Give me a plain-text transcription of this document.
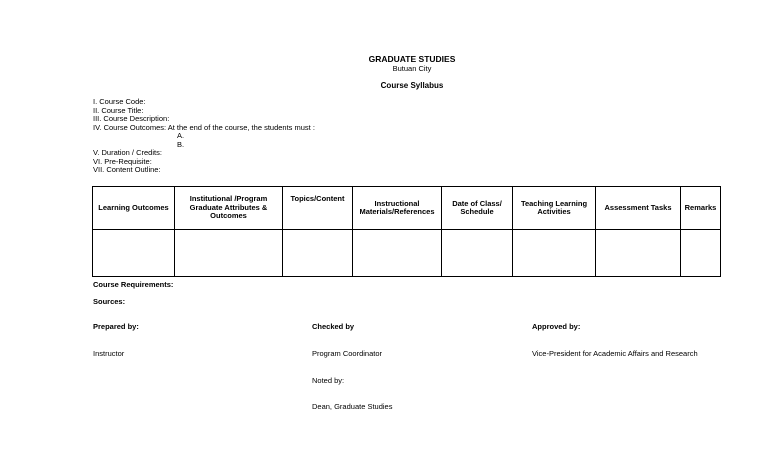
GRADUATE STUDIES
Butuan City
Course Syllabus
I. Course Code:
II. Course Title:
III. Course Description:
IV. Course Outcomes: At the end of the course, the students must :
A.
B.
V. Duration / Credits:
VI. Pre-Requisite:
VII. Content Outline:
Learning Outcomes	Institutional /Program Graduate Attributes & Outcomes	Topics/Content	Instructional Materials/References	Date of Class/ Schedule	Teaching Learning Activities	Assessment Tasks	Remarks

Course Requirements:
Sources:
Prepared by:	Checked by	Approved by:
Instructor	Program Coordinator	Vice-President for Academic Affairs and Research
Noted by:
Dean, Graduate Studies
